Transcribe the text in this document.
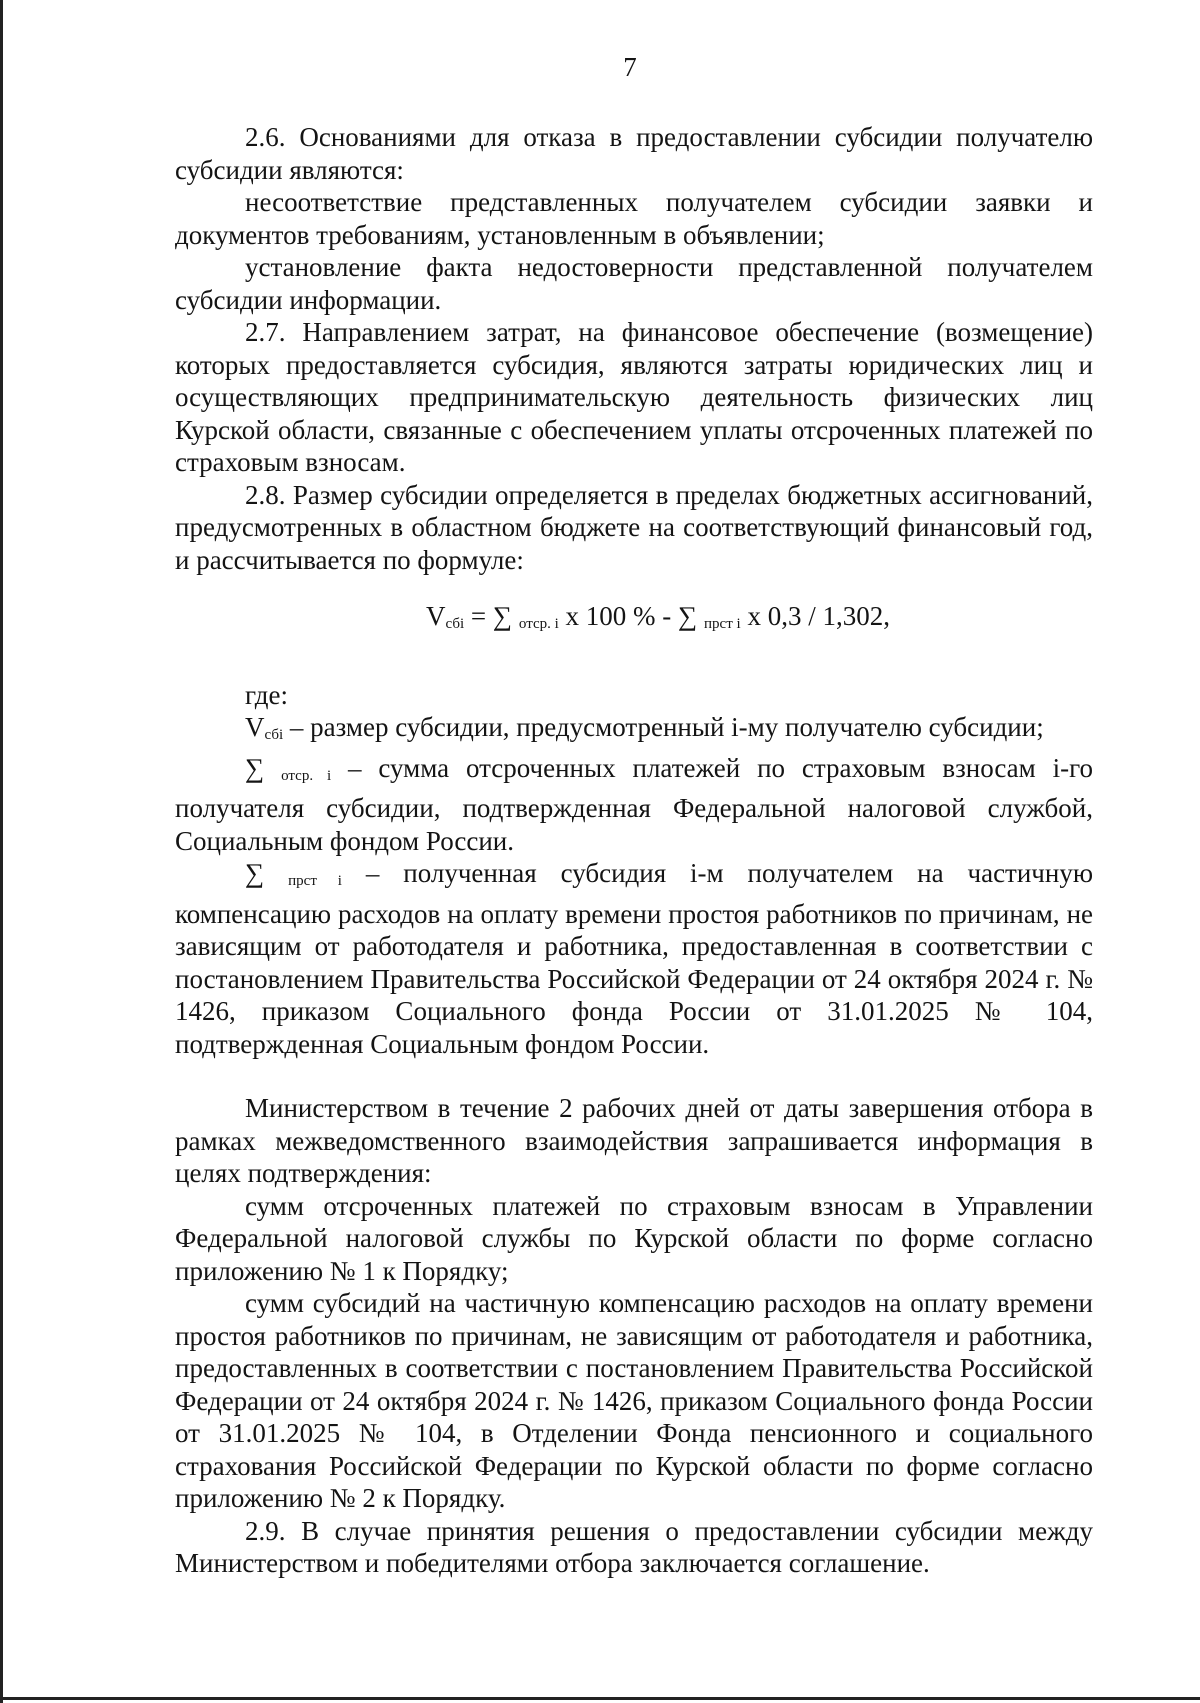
7

2.6. Основаниями для отказа в предоставлении субсидии получателю субсидии являются:

несоответствие представленных получателем субсидии заявки и документов требованиям, установленным в объявлении;

установление факта недостоверности представленной получателем субсидии информации.

2.7. Направлением затрат, на финансовое обеспечение (возмещение) которых предоставляется субсидия, являются затраты юридических лиц и осуществляющих предпринимательскую деятельность физических лиц Курской области, связанные с обеспечением уплаты отсроченных платежей по страховым взносам.

2.8. Размер субсидии определяется в пределах бюджетных ассигнований, предусмотренных в областном бюджете на соответствующий финансовый год, и рассчитывается по формуле:

$V_{сбi}$ = ∑ $_{отср. i}$ х 100 % - ∑ $_{прст i}$ х 0,3 / 1,302,

где:

$V_{сбi}$ – размер субсидии, предусмотренный i-му получателю субсидии;

∑ $_{отср. i}$ – сумма отсроченных платежей по страховым взносам i-го получателя субсидии, подтвержденная Федеральной налоговой службой, Социальным фондом России.

∑ $_{прст i}$ – полученная субсидия i-м получателем на частичную компенсацию расходов на оплату времени простоя работников по причинам, не зависящим от работодателя и работника, предоставленная в соответствии с постановлением Правительства Российской Федерации от 24 октября 2024 г. № 1426, приказом Социального фонда России от 31.01.2025 № 104, подтвержденная Социальным фондом России.

Министерством в течение 2 рабочих дней от даты завершения отбора в рамках межведомственного взаимодействия запрашивается информация в целях подтверждения:

сумм отсроченных платежей по страховым взносам в Управлении Федеральной налоговой службы по Курской области по форме согласно приложению № 1 к Порядку;

сумм субсидий на частичную компенсацию расходов на оплату времени простоя работников по причинам, не зависящим от работодателя и работника, предоставленных в соответствии с постановлением Правительства Российской Федерации от 24 октября 2024 г. № 1426, приказом Социального фонда России от 31.01.2025 № 104, в Отделении Фонда пенсионного и социального страхования Российской Федерации по Курской области по форме согласно приложению № 2 к Порядку.

2.9. В случае принятия решения о предоставлении субсидии между Министерством и победителями отбора заключается соглашение.
